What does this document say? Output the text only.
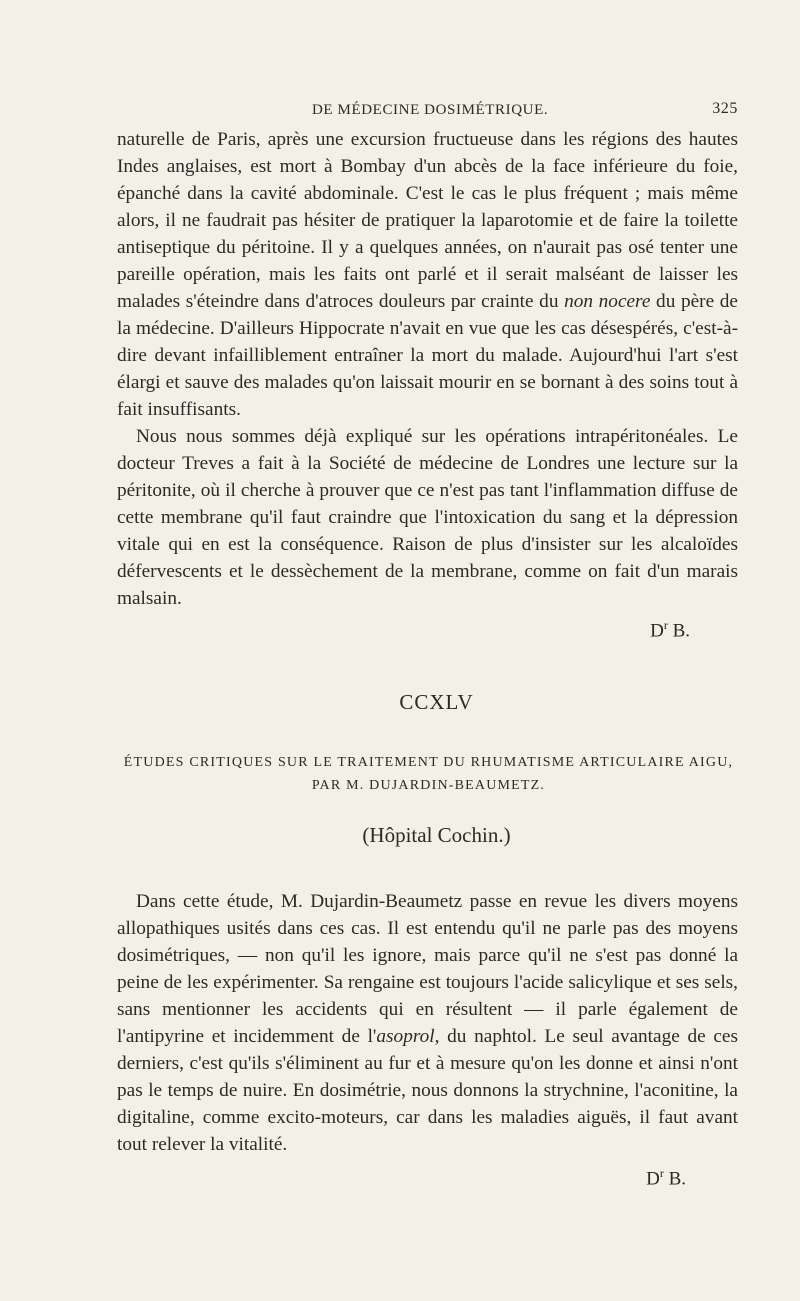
DE MÉDECINE DOSIMÉTRIQUE.	325

naturelle de Paris, après une excursion fructueuse dans les régions des hautes Indes anglaises, est mort à Bombay d'un abcès de la face inférieure du foie, épanché dans la cavité abdominale. C'est le cas le plus fréquent ; mais même alors, il ne faudrait pas hésiter de pratiquer la laparotomie et de faire la toilette antiseptique du péritoine. Il y a quelques années, on n'aurait pas osé tenter une pareille opération, mais les faits ont parlé et il serait malséant de laisser les malades s'éteindre dans d'atroces douleurs par crainte du non nocere du père de la médecine. D'ailleurs Hippocrate n'avait en vue que les cas désespérés, c'est-à-dire devant infailliblement entraîner la mort du malade. Aujourd'hui l'art s'est élargi et sauve des malades qu'on laissait mourir en se bornant à des soins tout à fait insuffisants.

Nous nous sommes déjà expliqué sur les opérations intrapéritonéales. Le docteur Treves a fait à la Société de médecine de Londres une lecture sur la péritonite, où il cherche à prouver que ce n'est pas tant l'inflammation diffuse de cette membrane qu'il faut craindre que l'intoxication du sang et la dépression vitale qui en est la conséquence. Raison de plus d'insister sur les alcaloïdes défervescents et le dessèchement de la membrane, comme on fait d'un marais malsain.

$D^r$ B.
CCXLV
ÉTUDES CRITIQUES SUR LE TRAITEMENT DU RHUMATISME ARTICULAIRE AIGU,
PAR M. DUJARDIN-BEAUMETZ.
(Hôpital Cochin.)

Dans cette étude, M. Dujardin-Beaumetz passe en revue les divers moyens allopathiques usités dans ces cas. Il est entendu qu'il ne parle pas des moyens dosimétriques, — non qu'il les ignore, mais parce qu'il ne s'est pas donné la peine de les expérimenter. Sa rengaine est toujours l'acide salicylique et ses sels, sans mentionner les accidents qui en résultent — il parle également de l'antipyrine et incidemment de l'asoprol, du naphtol. Le seul avantage de ces derniers, c'est qu'ils s'éliminent au fur et à mesure qu'on les donne et ainsi n'ont pas le temps de nuire. En dosimétrie, nous donnons la strychnine, l'aconitine, la digitaline, comme excito-moteurs, car dans les maladies aiguës, il faut avant tout relever la vitalité.

$D^r$ B.
